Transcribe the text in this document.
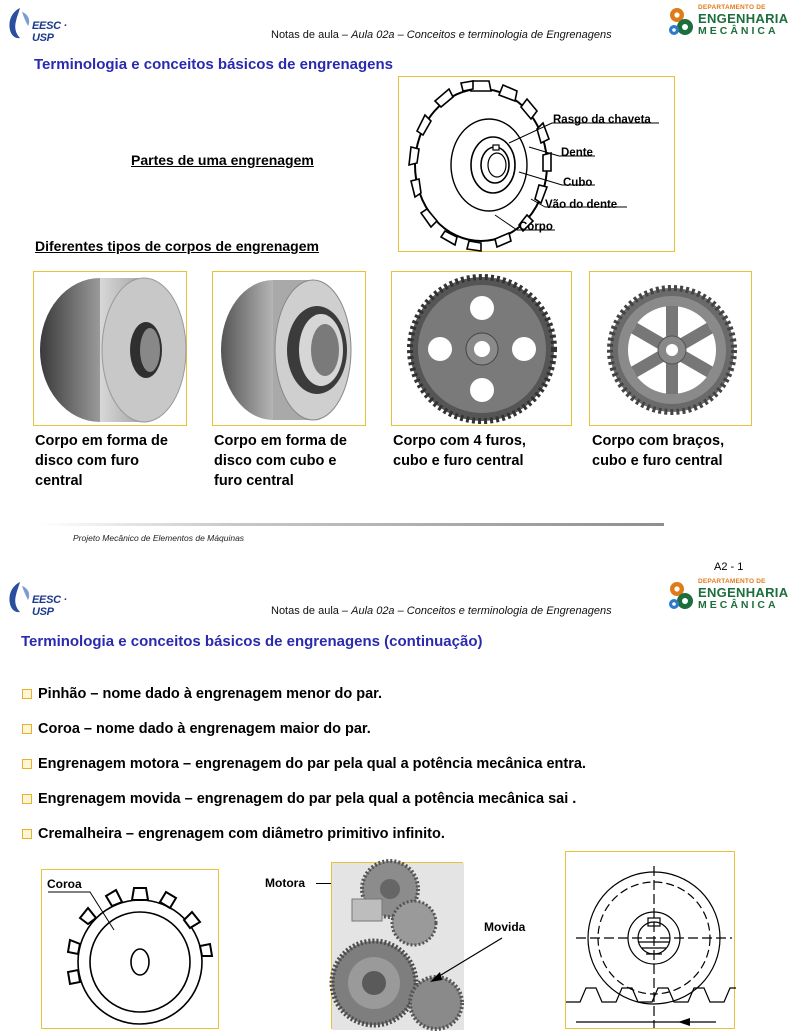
EESC · USP	Notas de aula – Aula 02a – Conceitos e terminologia de Engrenagens
DEPARTAMENTO DE
ENGENHARIA
MECÂNICA
Terminologia e conceitos básicos de engrenagens
Partes de uma engrenagem
Rasgo da chaveta
Dente
Cubo
Vão do dente
Corpo
Diferentes tipos de corpos de engrenagem
Corpo em forma de disco com furo central
Corpo em forma de disco com cubo e furo central
Corpo com 4 furos, cubo e furo central
Corpo com braços, cubo e furo central
Projeto Mecânico de Elementos de Máquinas
A2 - 1
EESC · USP	Notas de aula – Aula 02a – Conceitos e terminologia de Engrenagens
DEPARTAMENTO DE
ENGENHARIA
MECÂNICA
Terminologia e conceitos básicos de engrenagens (continuação)
Pinhão – nome dado à engrenagem menor do par.
Coroa – nome dado à engrenagem maior do par.
Engrenagem motora – engrenagem do par pela qual a potência mecânica entra.
Engrenagem movida – engrenagem do par pela qual a potência mecânica sai .
Cremalheira – engrenagem com diâmetro primitivo infinito.
Coroa	Motora
Movida
